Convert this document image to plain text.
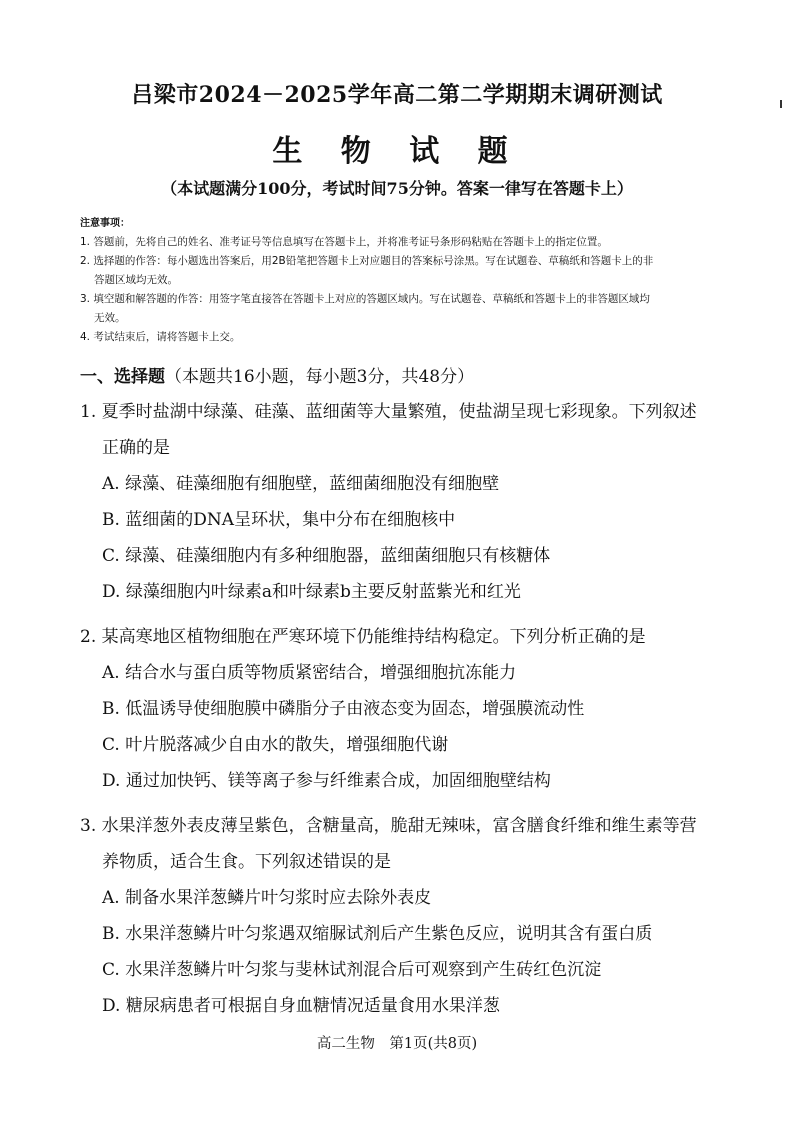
吕梁市2024－2025学年高二第二学期期末调研测试
生 物 试 题
（本试题满分100分，考试时间75分钟。答案一律写在答题卡上）
注意事项：
1. 答题前，先将自己的姓名、准考证号等信息填写在答题卡上，并将准考证号条形码粘贴在答题卡上的指定位置。
2. 选择题的作答：每小题选出答案后，用2B铅笔把答题卡上对应题目的答案标号涂黑。写在试题卷、草稿纸和答题卡上的非
答题区域均无效。
3. 填空题和解答题的作答：用签字笔直接答在答题卡上对应的答题区域内。写在试题卷、草稿纸和答题卡上的非答题区域均
无效。
4. 考试结束后，请将答题卡上交。
一、选择题（本题共16小题，每小题3分，共48分）
1. 夏季时盐湖中绿藻、硅藻、蓝细菌等大量繁殖，使盐湖呈现七彩现象。下列叙述
正确的是
A. 绿藻、硅藻细胞有细胞壁，蓝细菌细胞没有细胞壁
B. 蓝细菌的DNA呈环状，集中分布在细胞核中
C. 绿藻、硅藻细胞内有多种细胞器，蓝细菌细胞只有核糖体
D. 绿藻细胞内叶绿素a和叶绿素b主要反射蓝紫光和红光
2. 某高寒地区植物细胞在严寒环境下仍能维持结构稳定。下列分析正确的是
A. 结合水与蛋白质等物质紧密结合，增强细胞抗冻能力
B. 低温诱导使细胞膜中磷脂分子由液态变为固态，增强膜流动性
C. 叶片脱落减少自由水的散失，增强细胞代谢
D. 通过加快钙、镁等离子参与纤维素合成，加固细胞壁结构
3. 水果洋葱外表皮薄呈紫色，含糖量高，脆甜无辣味，富含膳食纤维和维生素等营
养物质，适合生食。下列叙述错误的是
A. 制备水果洋葱鳞片叶匀浆时应去除外表皮
B. 水果洋葱鳞片叶匀浆遇双缩脲试剂后产生紫色反应，说明其含有蛋白质
C. 水果洋葱鳞片叶匀浆与斐林试剂混合后可观察到产生砖红色沉淀
D. 糖尿病患者可根据自身血糖情况适量食用水果洋葱
高二生物　第1页(共8页)
